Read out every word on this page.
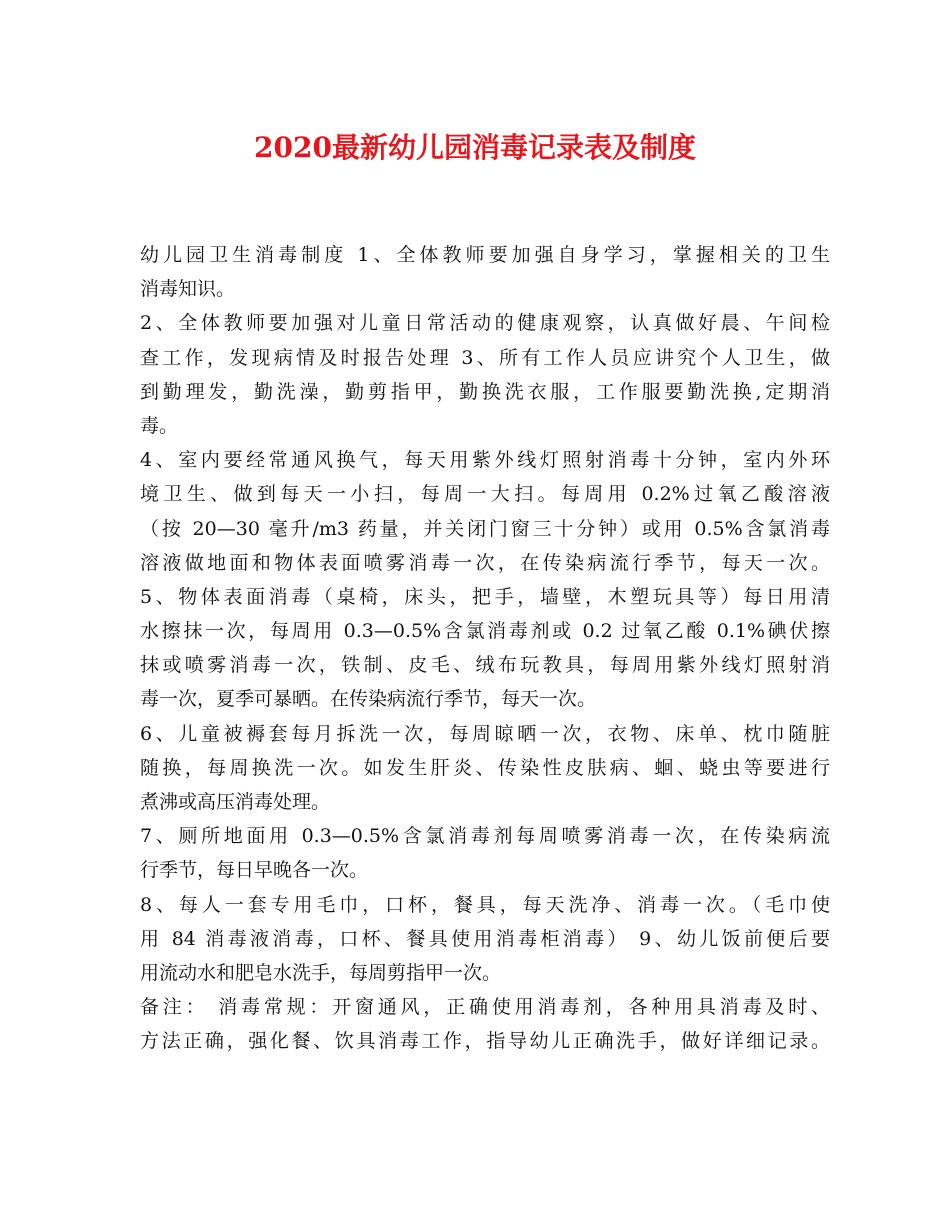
2020最新幼儿园消毒记录表及制度
幼儿园卫生消毒制度 1、全体教师要加强自身学习，掌握相关的卫生
消毒知识。
2、全体教师要加强对儿童日常活动的健康观察，认真做好晨、午间检
查工作，发现病情及时报告处理 3、所有工作人员应讲究个人卫生，做
到勤理发，勤洗澡，勤剪指甲，勤换洗衣服，工作服要勤洗换,定期消
毒。
4、室内要经常通风换气，每天用紫外线灯照射消毒十分钟，室内外环
境卫生、做到每天一小扫，每周一大扫。每周用 0.2%过氧乙酸溶液
（按 20—30 毫升/m3 药量，并关闭门窗三十分钟）或用 0.5%含氯消毒
溶液做地面和物体表面喷雾消毒一次，在传染病流行季节，每天一次。
5、物体表面消毒（桌椅，床头，把手，墙壁，木塑玩具等）每日用清
水擦抹一次，每周用 0.3—0.5%含氯消毒剂或 0.2 过氧乙酸 0.1%碘伏擦
抹或喷雾消毒一次，铁制、皮毛、绒布玩教具，每周用紫外线灯照射消
毒一次，夏季可暴晒。在传染病流行季节，每天一次。
6、儿童被褥套每月拆洗一次，每周晾晒一次，衣物、床单、枕巾随脏
随换，每周换洗一次。如发生肝炎、传染性皮肤病、蛔、蛲虫等要进行
煮沸或高压消毒处理。
7、厕所地面用 0.3—0.5%含氯消毒剂每周喷雾消毒一次，在传染病流
行季节，每日早晚各一次。
8、每人一套专用毛巾，口杯，餐具，每天洗净、消毒一次。（毛巾使
用 84 消毒液消毒，口杯、餐具使用消毒柜消毒） 9、幼儿饭前便后要
用流动水和肥皂水洗手，每周剪指甲一次。
备注： 消毒常规：开窗通风，正确使用消毒剂，各种用具消毒及时、
方法正确，强化餐、饮具消毒工作，指导幼儿正确洗手，做好详细记录。
